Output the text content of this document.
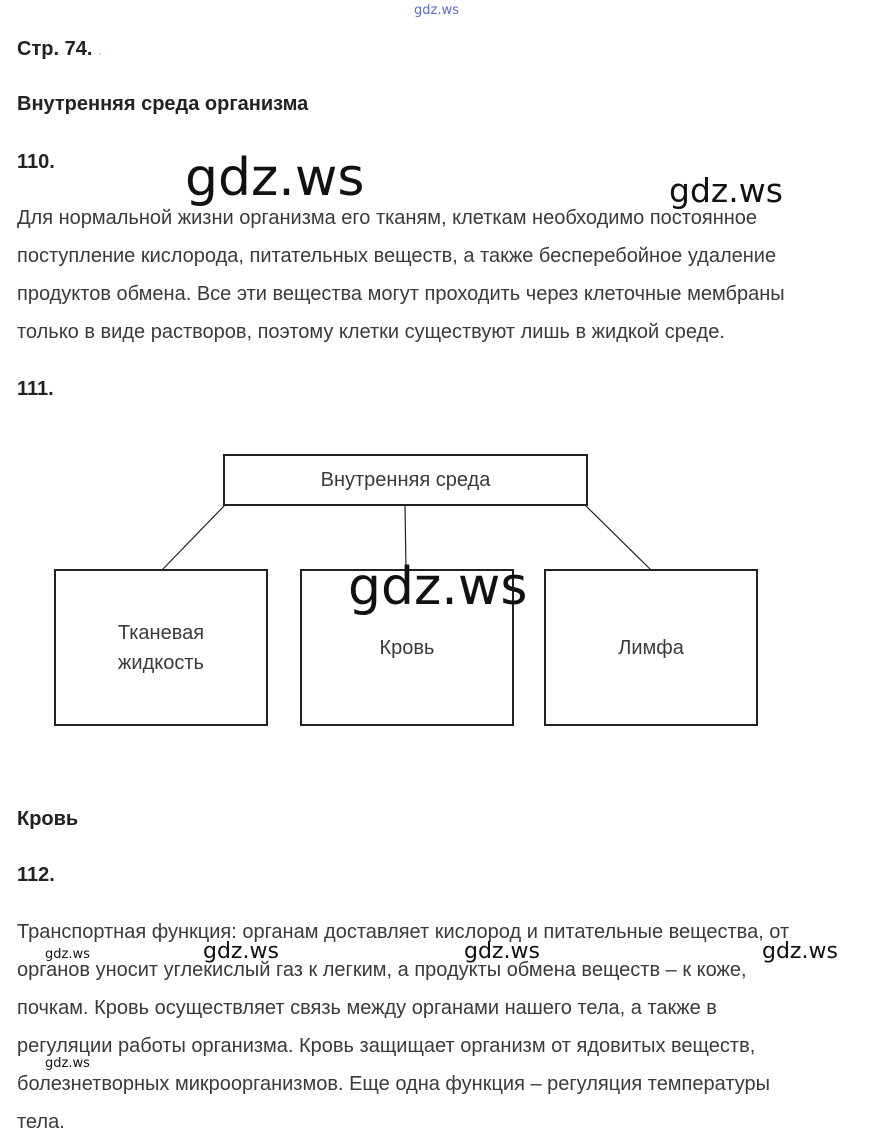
gdz.ws
Стр. 74. .
Внутренняя среда организма
110.
Для нормальной жизни организма его тканям, клеткам необходимо постоянное
поступление кислорода, питательных веществ, а также бесперебойное удаление
продуктов обмена. Все эти вещества могут проходить через клеточные мембраны
только в виде растворов, поэтому клетки существуют лишь в жидкой среде.
gdz.ws	gdz.ws
111.
Внутренняя среда
Тканевая жидкость
Кровь	Лимфа
gdz.ws
Кровь
112.
Транспортная функция: органам доставляет кислород и питательные вещества, от
органов уносит углекислый газ к легким, а продукты обмена веществ – к коже,
почкам. Кровь осуществляет связь между органами нашего тела, а также в
регуляции работы организма. Кровь защищает организм от ядовитых веществ,
болезнетворных микроорганизмов. Еще одна функция – регуляция температуры
тела.
gdz.ws	gdz.ws	gdz.ws	gdz.ws
gdz.ws
